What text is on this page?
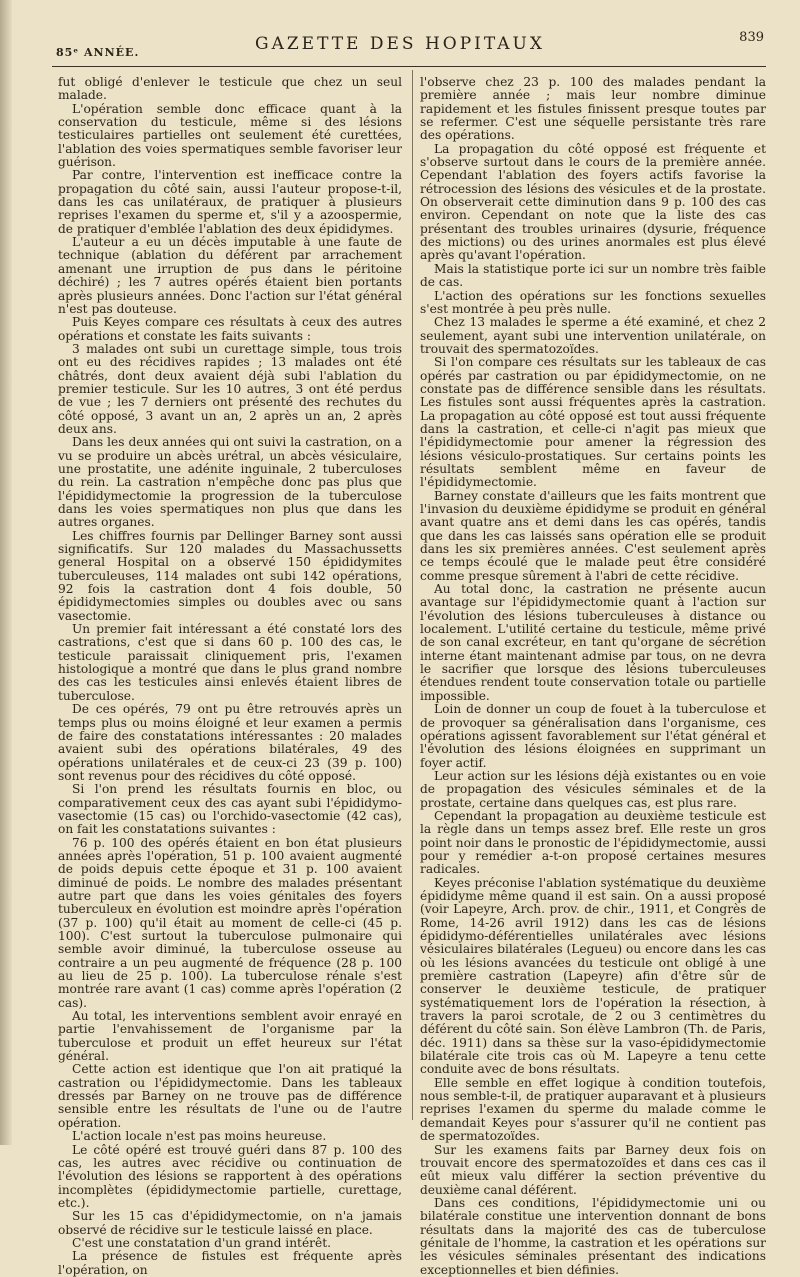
85ᵉ ANNÉE.	GAZETTE DES HOPITAUX	839

fut obligé d'enlever le testicule que chez un seul malade.

L'opération semble donc efficace quant à la conservation du testicule, même si des lésions testiculaires partielles ont seulement été curettées, l'ablation des voies spermatiques semble favoriser leur guérison.

Par contre, l'intervention est inefficace contre la propagation du côté sain, aussi l'auteur propose-t-il, dans les cas unilatéraux, de pratiquer à plusieurs reprises l'examen du sperme et, s'il y a azoospermie, de pratiquer d'emblée l'ablation des deux épididymes.

L'auteur a eu un décès imputable à une faute de technique (ablation du déférent par arrachement amenant une irruption de pus dans le péritoine déchiré) ; les 7 autres opérés étaient bien portants après plusieurs années. Donc l'action sur l'état général n'est pas douteuse.

Puis Keyes compare ces résultats à ceux des autres opérations et constate les faits suivants :

3 malades ont subi un curettage simple, tous trois ont eu des récidives rapides ; 13 malades ont été châtrés, dont deux avaient déjà subi l'ablation du premier testicule. Sur les 10 autres, 3 ont été perdus de vue ; les 7 derniers ont présenté des rechutes du côté opposé, 3 avant un an, 2 après un an, 2 après deux ans.

Dans les deux années qui ont suivi la castration, on a vu se produire un abcès urétral, un abcès vésiculaire, une prostatite, une adénite inguinale, 2 tuberculoses du rein. La castration n'empêche donc pas plus que l'épididymectomie la progression de la tuberculose dans les voies spermatiques non plus que dans les autres organes.

Les chiffres fournis par Dellinger Barney sont aussi significatifs. Sur 120 malades du Massachussetts general Hospital on a observé 150 épididymites tuberculeuses, 114 malades ont subi 142 opérations, 92 fois la castration dont 4 fois double, 50 épididymectomies simples ou doubles avec ou sans vasectomie.

Un premier fait intéressant a été constaté lors des castrations, c'est que si dans 60 p. 100 des cas, le testicule paraissait cliniquement pris, l'examen histologique a montré que dans le plus grand nombre des cas les testicules ainsi enlevés étaient libres de tuberculose.

De ces opérés, 79 ont pu être retrouvés après un temps plus ou moins éloigné et leur examen a permis de faire des constatations intéressantes : 20 malades avaient subi des opérations bilatérales, 49 des opérations unilatérales et de ceux-ci 23 (39 p. 100) sont revenus pour des récidives du côté opposé.

Si l'on prend les résultats fournis en bloc, ou comparativement ceux des cas ayant subi l'épididymo-vasectomie (15 cas) ou l'orchido-vasectomie (42 cas), on fait les constatations suivantes :

76 p. 100 des opérés étaient en bon état plusieurs années après l'opération, 51 p. 100 avaient augmenté de poids depuis cette époque et 31 p. 100 avaient diminué de poids. Le nombre des malades présentant autre part que dans les voies génitales des foyers tuberculeux en évolution est moindre après l'opération (37 p. 100) qu'il était au moment de celle-ci (45 p. 100). C'est surtout la tuberculose pulmonaire qui semble avoir diminué, la tuberculose osseuse au contraire a un peu augmenté de fréquence (28 p. 100 au lieu de 25 p. 100). La tuberculose rénale s'est montrée rare avant (1 cas) comme après l'opération (2 cas).

Au total, les interventions semblent avoir enrayé en partie l'envahissement de l'organisme par la tuberculose et produit un effet heureux sur l'état général.

Cette action est identique que l'on ait pratiqué la castration ou l'épididymectomie. Dans les tableaux dressés par Barney on ne trouve pas de différence sensible entre les résultats de l'une ou de l'autre opération.

L'action locale n'est pas moins heureuse.

Le côté opéré est trouvé guéri dans 87 p. 100 des cas, les autres avec récidive ou continuation de l'évolution des lésions se rapportent à des opérations incomplètes (épididymectomie partielle, curettage, etc.).

Sur les 15 cas d'épididymectomie, on n'a jamais observé de récidive sur le testicule laissé en place.

C'est une constatation d'un grand intérêt.

La présence de fistules est fréquente après l'opération, on

l'observe chez 23 p. 100 des malades pendant la première année ; mais leur nombre diminue rapidement et les fistules finissent presque toutes par se refermer. C'est une séquelle persistante très rare des opérations.

La propagation du côté opposé est fréquente et s'observe surtout dans le cours de la première année. Cependant l'ablation des foyers actifs favorise la rétrocession des lésions des vésicules et de la prostate. On observerait cette diminution dans 9 p. 100 des cas environ. Cependant on note que la liste des cas présentant des troubles urinaires (dysurie, fréquence des mictions) ou des urines anormales est plus élevé après qu'avant l'opération.

Mais la statistique porte ici sur un nombre très faible de cas.

L'action des opérations sur les fonctions sexuelles s'est montrée à peu près nulle.

Chez 13 malades le sperme a été examiné, et chez 2 seulement, ayant subi une intervention unilatérale, on trouvait des spermatozoïdes.

Si l'on compare ces résultats sur les tableaux de cas opérés par castration ou par épididymectomie, on ne constate pas de différence sensible dans les résultats. Les fistules sont aussi fréquentes après la castration. La propagation au côté opposé est tout aussi fréquente dans la castration, et celle-ci n'agit pas mieux que l'épididymectomie pour amener la régression des lésions vésiculo-prostatiques. Sur certains points les résultats semblent même en faveur de l'épididymectomie.

Barney constate d'ailleurs que les faits montrent que l'invasion du deuxième épididyme se produit en général avant quatre ans et demi dans les cas opérés, tandis que dans les cas laissés sans opération elle se produit dans les six premières années. C'est seulement après ce temps écoulé que le malade peut être considéré comme presque sûrement à l'abri de cette récidive.

Au total donc, la castration ne présente aucun avantage sur l'épididymectomie quant à l'action sur l'évolution des lésions tuberculeuses à distance ou localement. L'utilité certaine du testicule, même privé de son canal excréteur, en tant qu'organe de sécrétion interne étant maintenant admise par tous, on ne devra le sacrifier que lorsque des lésions tuberculeuses étendues rendent toute conservation totale ou partielle impossible.

Loin de donner un coup de fouet à la tuberculose et de provoquer sa généralisation dans l'organisme, ces opérations agissent favorablement sur l'état général et l'évolution des lésions éloignées en supprimant un foyer actif.

Leur action sur les lésions déjà existantes ou en voie de propagation des vésicules séminales et de la prostate, certaine dans quelques cas, est plus rare.

Cependant la propagation au deuxième testicule est la règle dans un temps assez bref. Elle reste un gros point noir dans le pronostic de l'épididymectomie, aussi pour y remédier a-t-on proposé certaines mesures radicales.

Keyes préconise l'ablation systématique du deuxième épididyme même quand il est sain. On a aussi proposé (voir Lapeyre, Arch. prov. de chir., 1911, et Congrès de Rome, 14-26 avril 1912) dans les cas de lésions épididymo-déférentielles unilatérales avec lésions vésiculaires bilatérales (Legueu) ou encore dans les cas où les lésions avancées du testicule ont obligé à une première castration (Lapeyre) afin d'être sûr de conserver le deuxième testicule, de pratiquer systématiquement lors de l'opération la résection, à travers la paroi scrotale, de 2 ou 3 centimètres du déférent du côté sain. Son élève Lambron (Th. de Paris, déc. 1911) dans sa thèse sur la vaso-épididymectomie bilatérale cite trois cas où M. Lapeyre a tenu cette conduite avec de bons résultats.

Elle semble en effet logique à condition toutefois, nous semble-t-il, de pratiquer auparavant et à plusieurs reprises l'examen du sperme du malade comme le demandait Keyes pour s'assurer qu'il ne contient pas de spermatozoïdes.

Sur les examens faits par Barney deux fois on trouvait encore des spermatozoïdes et dans ces cas il eût mieux valu différer la section préventive du deuxième canal déférent.

Dans ces conditions, l'épididymectomie uni ou bilatérale constitue une intervention donnant de bons résultats dans la majorité des cas de tuberculose génitale de l'homme, la castration et les opérations sur les vésicules séminales présentant des indications exceptionnelles et bien définies.
